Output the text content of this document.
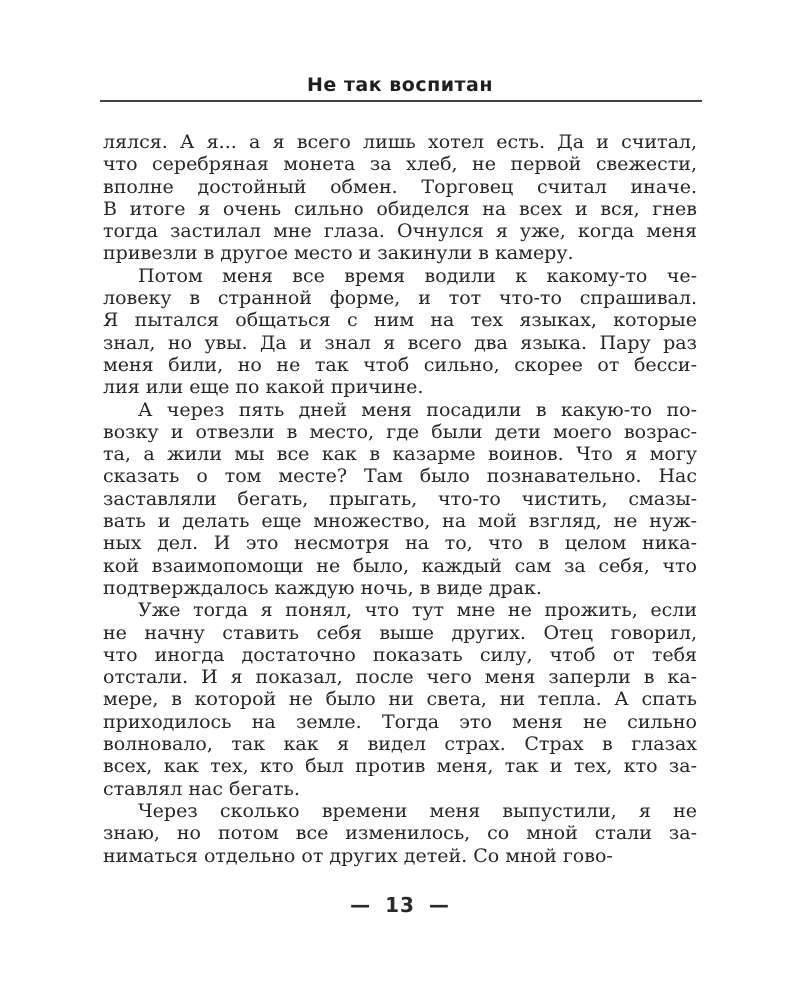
Не так воспитан
лялся. А я... а я всего лишь хотел есть. Да и считал,
что серебряная монета за хлеб, не первой свежести,
вполне достойный обмен. Торговец считал иначе.
В итоге я очень сильно обиделся на всех и вся, гнев
тогда застилал мне глаза. Очнулся я уже, когда меня
привезли в другое место и закинули в камеру.
Потом меня все время водили к какому-то че-
ловеку в странной форме, и тот что-то спрашивал.
Я пытался общаться с ним на тех языках, которые
знал, но увы. Да и знал я всего два языка. Пару раз
меня били, но не так чтоб сильно, скорее от бесси-
лия или еще по какой причине.
А через пять дней меня посадили в какую-то по-
возку и отвезли в место, где были дети моего возрас-
та, а жили мы все как в казарме воинов. Что я могу
сказать о том месте? Там было познавательно. Нас
заставляли бегать, прыгать, что-то чистить, смазы-
вать и делать еще множество, на мой взгляд, не нуж-
ных дел. И это несмотря на то, что в целом ника-
кой взаимопомощи не было, каждый сам за себя, что
подтверждалось каждую ночь, в виде драк.
Уже тогда я понял, что тут мне не прожить, если
не начну ставить себя выше других. Отец говорил,
что иногда достаточно показать силу, чтоб от тебя
отстали. И я показал, после чего меня заперли в ка-
мере, в которой не было ни света, ни тепла. А спать
приходилось на земле. Тогда это меня не сильно
волновало, так как я видел страх. Страх в глазах
всех, как тех, кто был против меня, так и тех, кто за-
ставлял нас бегать.
Через сколько времени меня выпустили, я не
знаю, но потом все изменилось, со мной стали за-
ниматься отдельно от других детей. Со мной гово-
— 13 —
